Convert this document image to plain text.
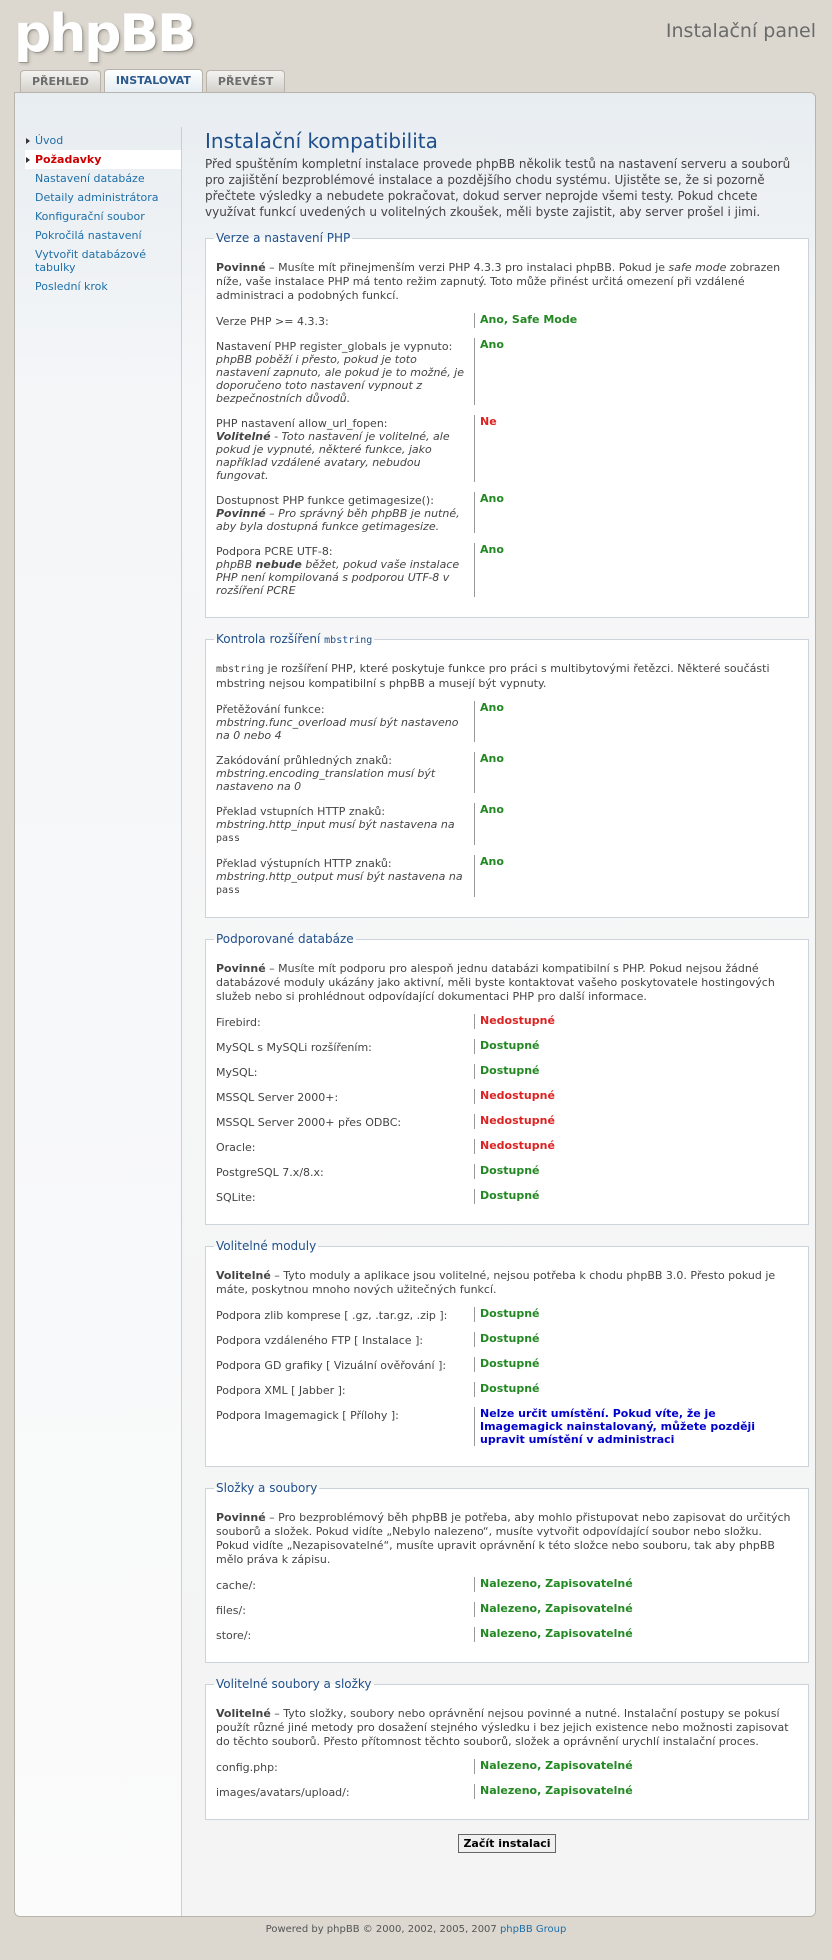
phpBB	Instalační panel
PŘEHLED	INSTALOVAT	PŘEVÉST
Úvod
Požadavky
Nastavení databáze
Detaily administrátora
Konfigurační soubor
Pokročilá nastavení
Vytvořit databázové tabulky
Poslední krok
Instalační kompatibilita

Před spuštěním kompletní instalace provede phpBB několik testů na nastavení serveru a souborů pro zajištění bezproblémové instalace a pozdějšího chodu systému. Ujistěte se, že si pozorně přečtete výsledky a nebudete pokračovat, dokud server neprojde všemi testy. Pokud chcete využívat funkcí uvedených u volitelných zkoušek, měli byste zajistit, aby server prošel i jimi.

Verze a nastavení PHP

Povinné – Musíte mít přinejmenším verzi PHP 4.3.3 pro instalaci phpBB. Pokud je safe mode zobrazen níže, vaše instalace PHP má tento režim zapnutý. Toto může přinést určitá omezení při vzdálené administraci a podobných funkcí.

Verze PHP >= 4.3.3:	Ano, Safe Mode
Nastavení PHP register_globals je vypnuto:
phpBB poběží i přesto, pokud je toto nastavení zapnuto, ale pokud je to možné, je doporučeno toto nastavení vypnout z bezpečnostních důvodů.
Ano
PHP nastavení allow_url_fopen:
Volitelné - Toto nastavení je volitelné, ale pokud je vypnuté, některé funkce, jako například vzdálené avatary, nebudou fungovat.
Ne
Dostupnost PHP funkce getimagesize():
Povinné – Pro správný běh phpBB je nutné, aby byla dostupná funkce getimagesize.
Ano
Podpora PCRE UTF-8:
phpBB nebude běžet, pokud vaše instalace PHP není kompilovaná s podporou UTF-8 v rozšíření PCRE
Ano
Kontrola rozšíření mbstring

mbstring je rozšíření PHP, které poskytuje funkce pro práci s multibytovými řetězci. Některé součásti mbstring nejsou kompatibilní s phpBB a musejí být vypnuty.

Přetěžování funkce:
mbstring.func_overload musí být nastaveno na 0 nebo 4
Ano
Zakódování průhledných znaků:
mbstring.encoding_translation musí být nastaveno na 0
Ano
Překlad vstupních HTTP znaků:
mbstring.http_input musí být nastavena na pass
Ano
Překlad výstupních HTTP znaků:
mbstring.http_output musí být nastavena na pass
Ano
Podporované databáze

Povinné – Musíte mít podporu pro alespoň jednu databázi kompatibilní s PHP. Pokud nejsou žádné databázové moduly ukázány jako aktivní, měli byste kontaktovat vašeho poskytovatele hostingových služeb nebo si prohlédnout odpovídající dokumentaci PHP pro další informace.

Firebird:	Nedostupné
MySQL s MySQLi rozšířením:	Dostupné
MySQL:	Dostupné
MSSQL Server 2000+:	Nedostupné
MSSQL Server 2000+ přes ODBC:	Nedostupné
Oracle:	Nedostupné
PostgreSQL 7.x/8.x:	Dostupné
SQLite:	Dostupné
Volitelné moduly

Volitelné – Tyto moduly a aplikace jsou volitelné, nejsou potřeba k chodu phpBB 3.0. Přesto pokud je máte, poskytnou mnoho nových užitečných funkcí.

Podpora zlib komprese [ .gz, .tar.gz, .zip ]:	Dostupné
Podpora vzdáleného FTP [ Instalace ]:	Dostupné
Podpora GD grafiky [ Vizuální ověřování ]:	Dostupné
Podpora XML [ Jabber ]:	Dostupné
Podpora Imagemagick [ Přílohy ]:	Nelze určit umístění. Pokud víte, že je Imagemagick nainstalovaný, můžete později upravit umístění v administraci
Složky a soubory

Povinné – Pro bezproblémový běh phpBB je potřeba, aby mohlo přistupovat nebo zapisovat do určitých souborů a složek. Pokud vidíte „Nebylo nalezeno“, musíte vytvořit odpovídající soubor nebo složku. Pokud vidíte „Nezapisovatelné“, musíte upravit oprávnění k této složce nebo souboru, tak aby phpBB mělo práva k zápisu.

cache/:	Nalezeno, Zapisovatelné
files/:	Nalezeno, Zapisovatelné
store/:	Nalezeno, Zapisovatelné
Volitelné soubory a složky

Volitelné – Tyto složky, soubory nebo oprávnění nejsou povinné a nutné. Instalační postupy se pokusí použít různé jiné metody pro dosažení stejného výsledku i bez jejich existence nebo možnosti zapisovat do těchto souborů. Přesto přítomnost těchto souborů, složek a oprávnění urychlí instalační proces.

config.php:	Nalezeno, Zapisovatelné
images/avatars/upload/:	Nalezeno, Zapisovatelné
Začít instalaci
Powered by phpBB © 2000, 2002, 2005, 2007 phpBB Group
